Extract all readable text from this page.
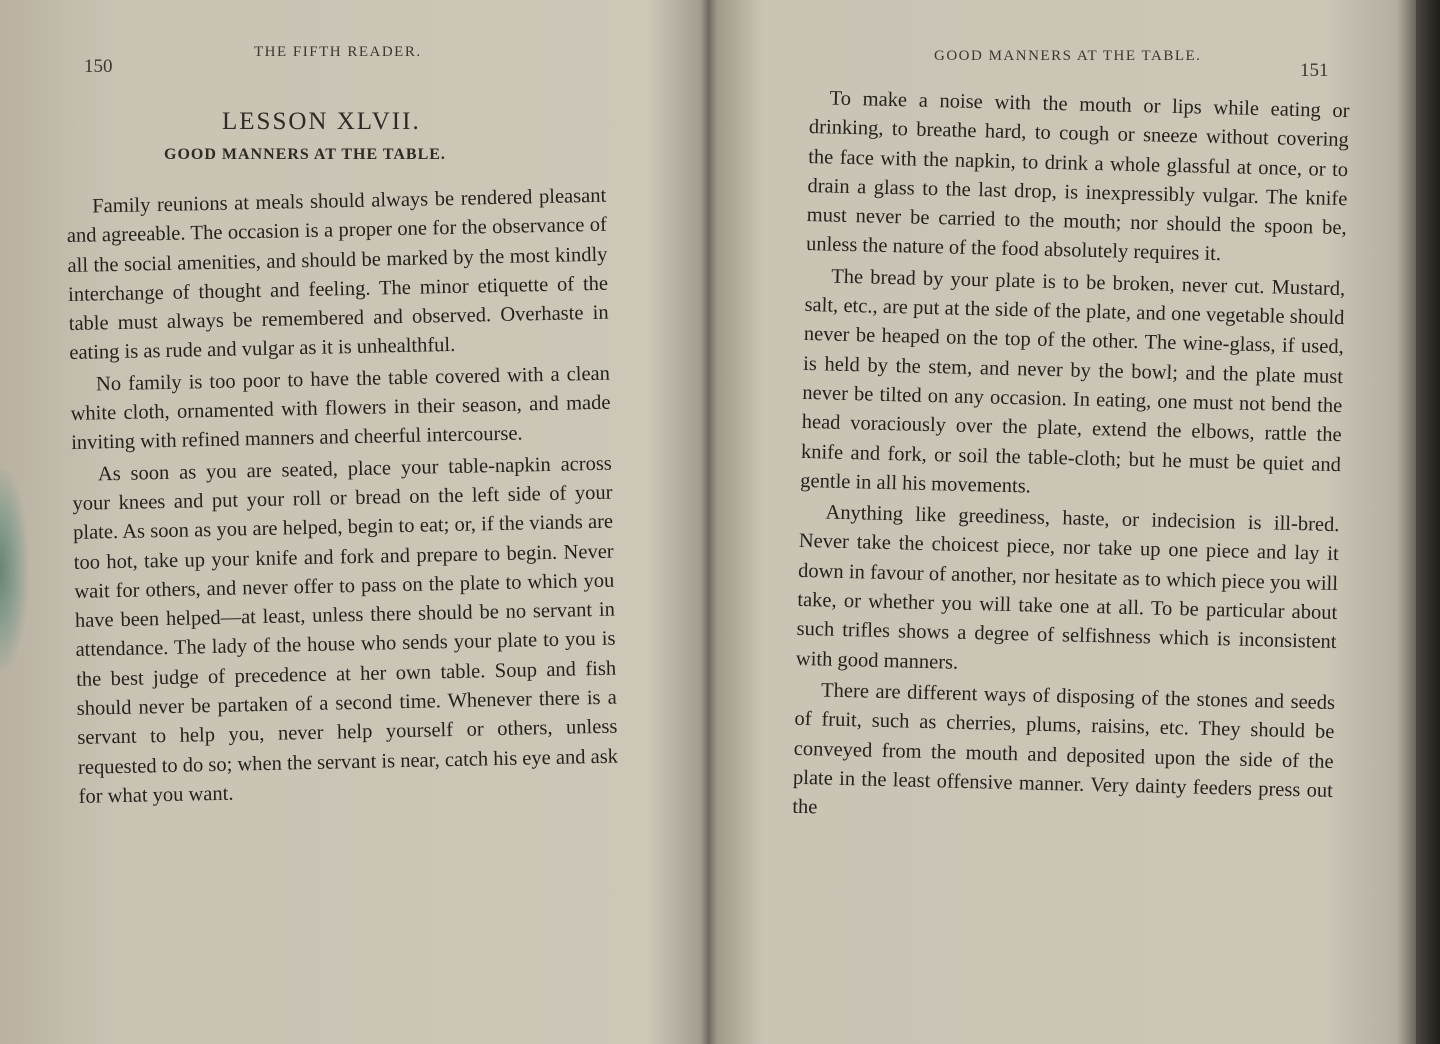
150
THE FIFTH READER.
LESSON XLVII.
GOOD MANNERS AT THE TABLE.

Family reunions at meals should always be rendered pleasant and agreeable. The occasion is a proper one for the observance of all the social amenities, and should be marked by the most kindly interchange of thought and feeling. The minor etiquette of the table must always be remembered and observed. Overhaste in eating is as rude and vulgar as it is unhealthful.

No family is too poor to have the table covered with a clean white cloth, ornamented with flowers in their season, and made inviting with refined manners and cheerful intercourse.

As soon as you are seated, place your table-napkin across your knees and put your roll or bread on the left side of your plate. As soon as you are helped, begin to eat; or, if the viands are too hot, take up your knife and fork and prepare to begin. Never wait for others, and never offer to pass on the plate to which you have been helped—at least, unless there should be no servant in attendance. The lady of the house who sends your plate to you is the best judge of precedence at her own table. Soup and fish should never be partaken of a second time. Whenever there is a servant to help you, never help yourself or others, unless requested to do so; when the servant is near, catch his eye and ask for what you want.

GOOD MANNERS AT THE TABLE.
151

To make a noise with the mouth or lips while eating or drinking, to breathe hard, to cough or sneeze without covering the face with the napkin, to drink a whole glassful at once, or to drain a glass to the last drop, is inexpressibly vulgar. The knife must never be carried to the mouth; nor should the spoon be, unless the nature of the food absolutely requires it.

The bread by your plate is to be broken, never cut. Mustard, salt, etc., are put at the side of the plate, and one vegetable should never be heaped on the top of the other. The wine-glass, if used, is held by the stem, and never by the bowl; and the plate must never be tilted on any occasion. In eating, one must not bend the head voraciously over the plate, extend the elbows, rattle the knife and fork, or soil the table-cloth; but he must be quiet and gentle in all his movements.

Anything like greediness, haste, or indecision is ill-bred. Never take the choicest piece, nor take up one piece and lay it down in favour of another, nor hesitate as to which piece you will take, or whether you will take one at all. To be particular about such trifles shows a degree of selfishness which is inconsistent with good manners.

There are different ways of disposing of the stones and seeds of fruit, such as cherries, plums, raisins, etc. They should be conveyed from the mouth and deposited upon the side of the plate in the least offensive manner. Very dainty feeders press out the
